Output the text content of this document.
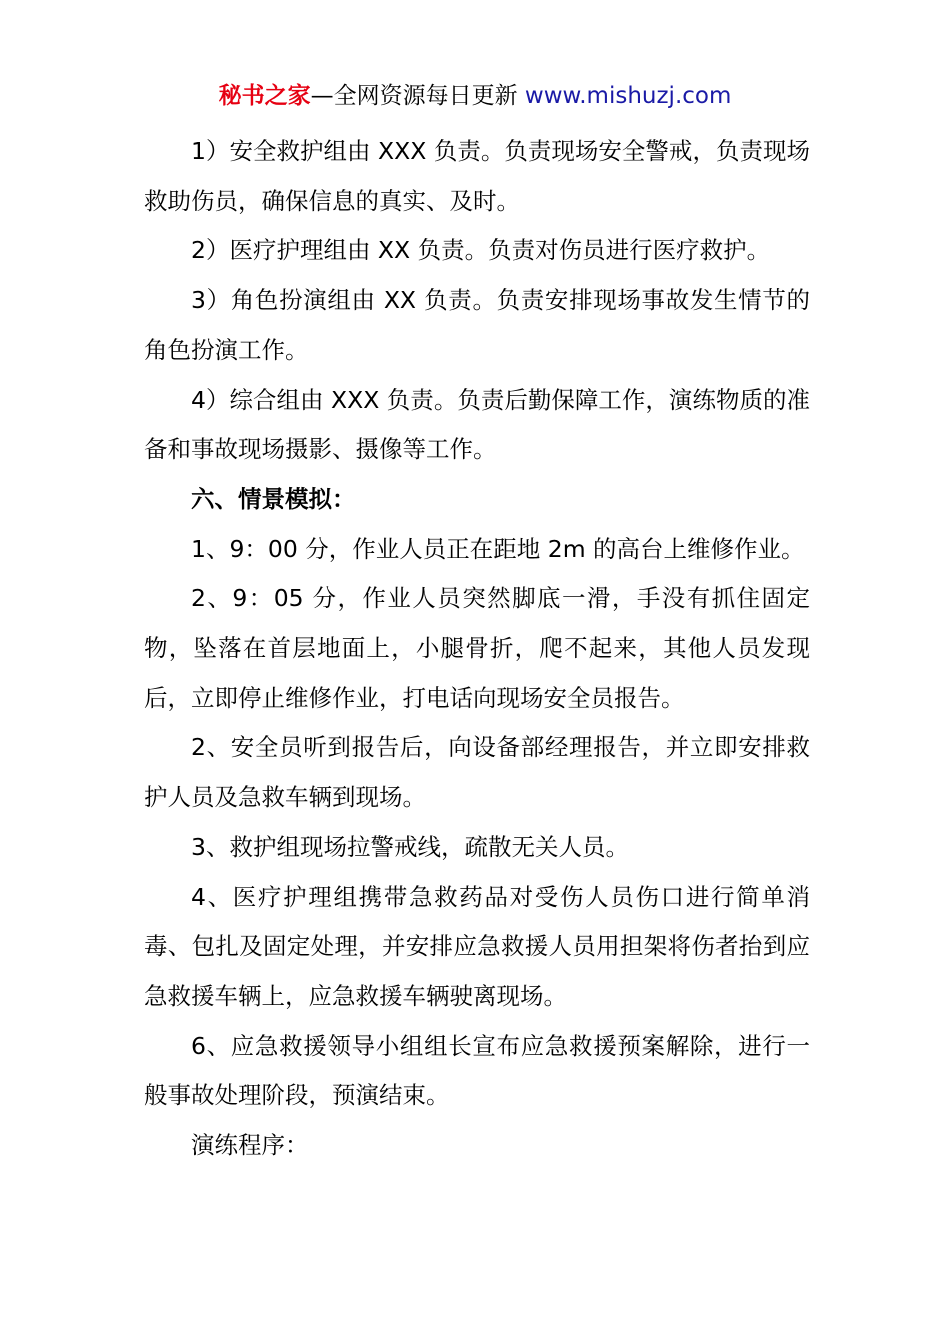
秘书之家—全网资源每日更新 www.mishuzj.com

1）安全救护组由 XXX 负责。负责现场安全警戒，负责现场救助伤员，确保信息的真实、及时。

2）医疗护理组由 XX 负责。负责对伤员进行医疗救护。

3）角色扮演组由 XX 负责。负责安排现场事故发生情节的角色扮演工作。

4）综合组由 XXX 负责。负责后勤保障工作，演练物质的准备和事故现场摄影、摄像等工作。

六、情景模拟：

1、9：00 分，作业人员正在距地 2m 的高台上维修作业。

2、9：05 分，作业人员突然脚底一滑，手没有抓住固定物，坠落在首层地面上，小腿骨折，爬不起来，其他人员发现后，立即停止维修作业，打电话向现场安全员报告。

2、安全员听到报告后，向设备部经理报告，并立即安排救护人员及急救车辆到现场。

3、救护组现场拉警戒线，疏散无关人员。

4、医疗护理组携带急救药品对受伤人员伤口进行简单消毒、包扎及固定处理，并安排应急救援人员用担架将伤者抬到应急救援车辆上，应急救援车辆驶离现场。

6、应急救援领导小组组长宣布应急救援预案解除，进行一般事故处理阶段，预演结束。

演练程序：
